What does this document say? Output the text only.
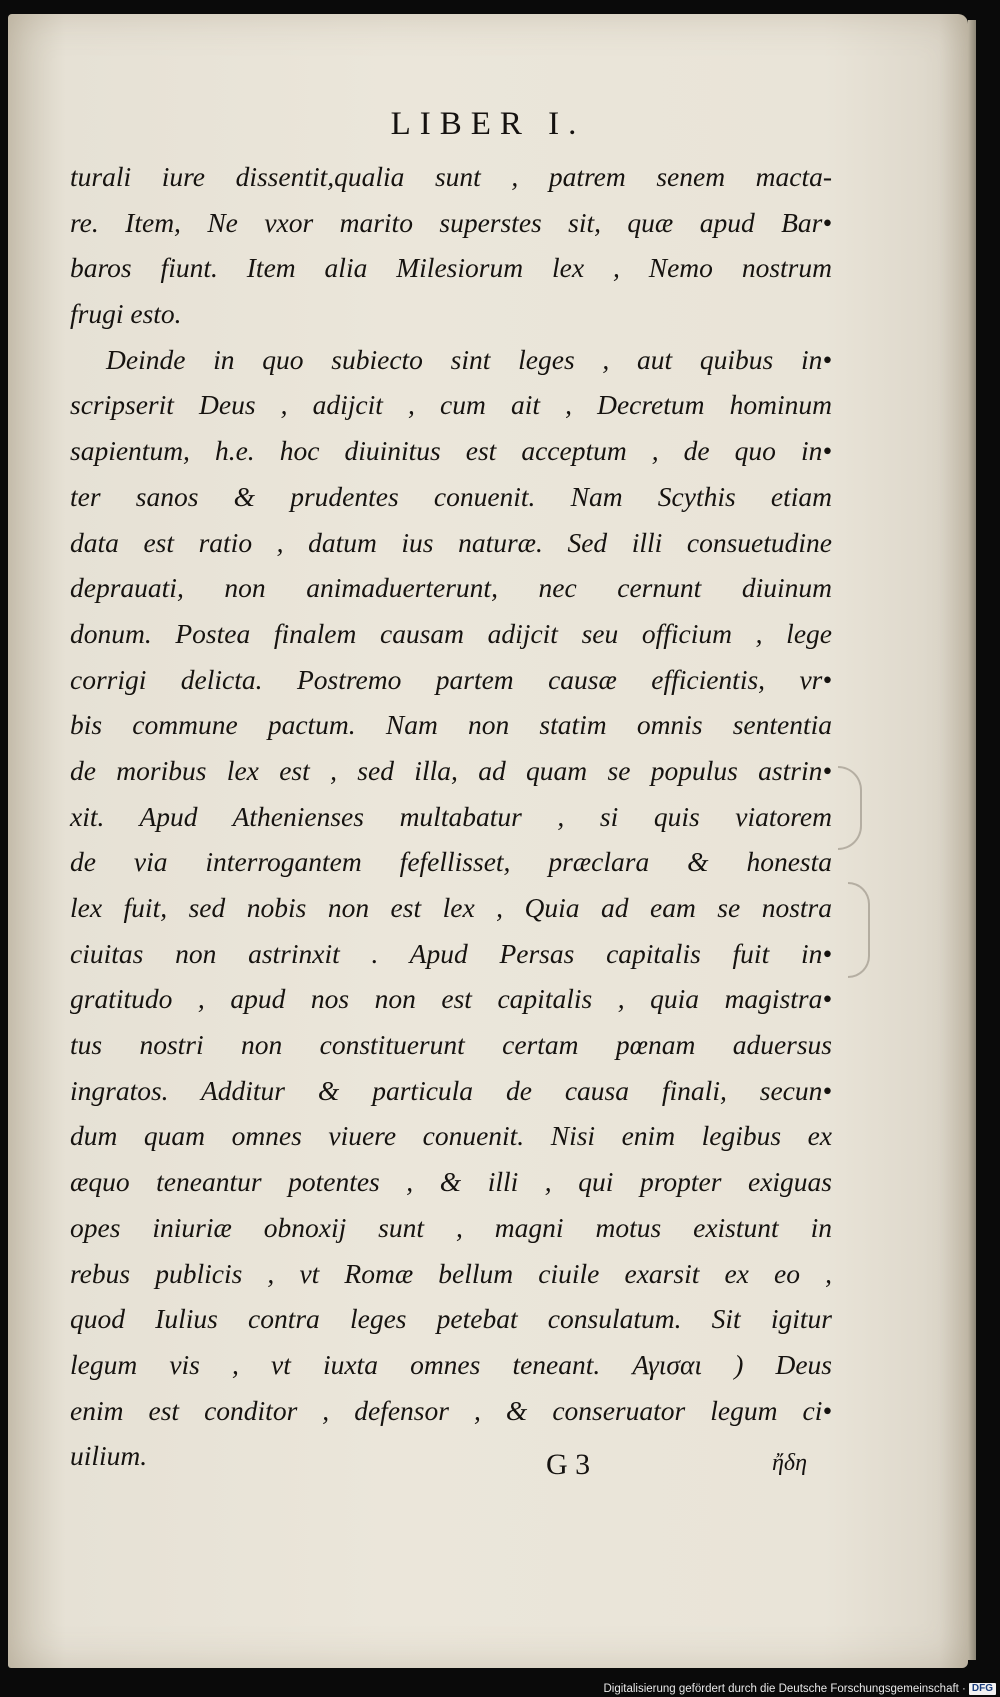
LIBER I.
turali iure dissentit,qualia sunt , patrem senem macta-
re. Item, Ne vxor marito superstes sit, quæ apud Bar•
baros fiunt. Item alia Milesiorum lex , Nemo nostrum
frugi esto.
Deinde in quo subiecto sint leges , aut quibus in•
scripserit Deus , adijcit , cum ait , Decretum hominum
sapientum, h.e. hoc diuinitus est acceptum , de quo in•
ter sanos & prudentes conuenit. Nam Scythis etiam
data est ratio , datum ius naturæ. Sed illi consuetudine
deprauati, non animaduerterunt, nec cernunt diuinum
donum. Postea finalem causam adijcit seu officium , lege
corrigi delicta. Postremo partem causæ efficientis, vr•
bis commune pactum. Nam non statim omnis sententia
de moribus lex est , sed illa, ad quam se populus astrin•
xit. Apud Athenienses multabatur , si quis viatorem
de via interrogantem fefellisset, præclara & honesta
lex fuit, sed nobis non est lex , Quia ad eam se nostra
ciuitas non astrinxit . Apud Persas capitalis fuit in•
gratitudo , apud nos non est capitalis , quia magistra•
tus nostri non constituerunt certam pœnam aduersus
ingratos. Additur & particula de causa finali, secun•
dum quam omnes viuere conuenit. Nisi enim legibus ex
æquo teneantur potentes , & illi , qui propter exiguas
opes iniuriæ obnoxij sunt , magni motus existunt in
rebus publicis , vt Romæ bellum ciuile exarsit ex eo ,
quod Iulius contra leges petebat consulatum. Sit igitur
legum vis , vt iuxta omnes teneant. Αγισαι ) Deus
enim est conditor , defensor , & conseruator legum ci•
uilium.	G 3	ἤδη
Digitalisierung gefördert durch die Deutsche Forschungsgemeinschaft · DFG
